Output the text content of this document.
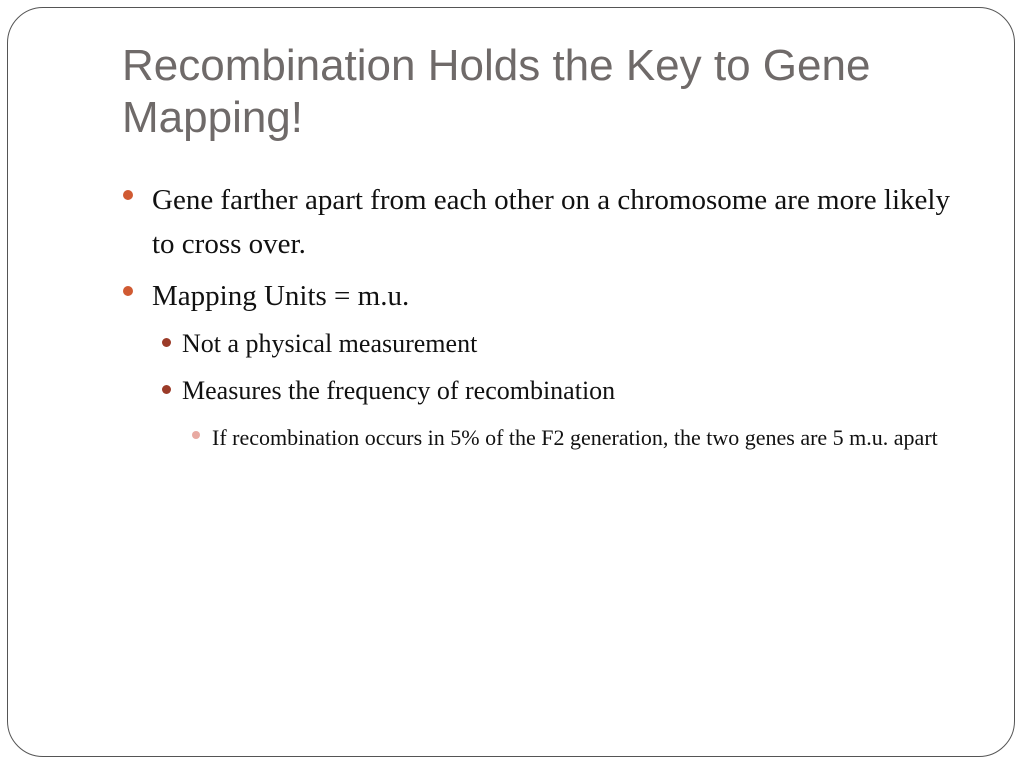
Recombination Holds the Key to Gene Mapping!
Gene farther apart from each other on a chromosome are more likely to cross over.
Mapping Units = m.u.
Not a physical measurement
Measures the frequency of recombination
If recombination occurs in 5% of the F2 generation, the two genes are 5 m.u. apart
